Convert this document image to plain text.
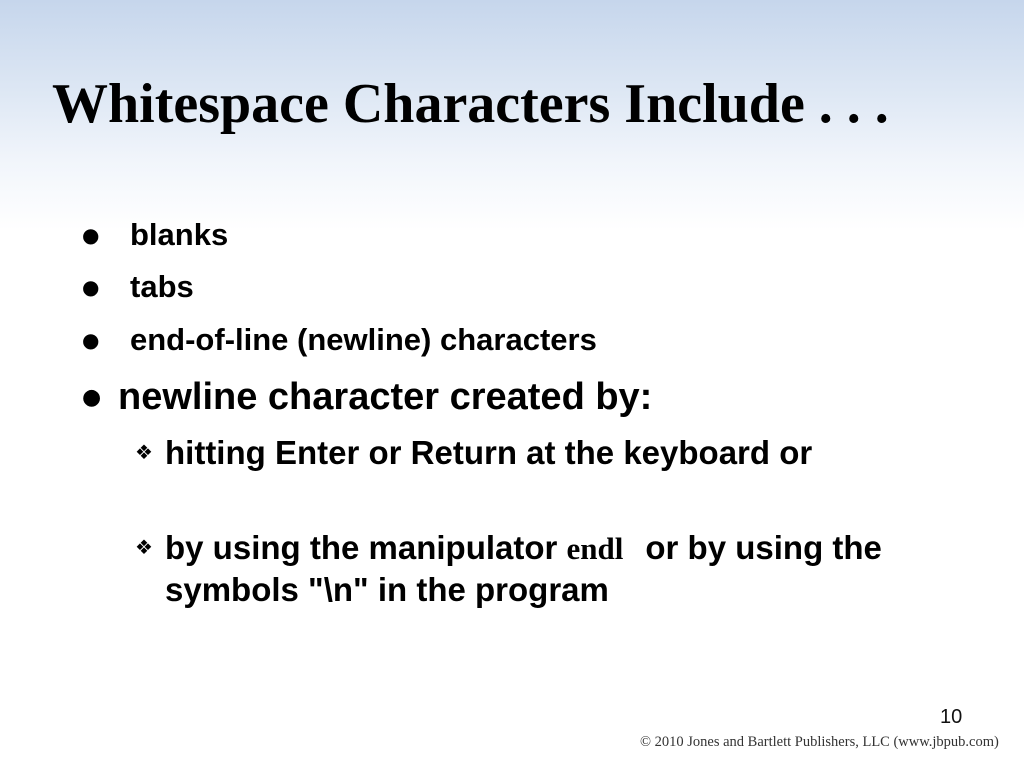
Whitespace Characters Include . . .
● blanks
● tabs
● end-of-line (newline) characters
● newline character created by:
❖ hitting Enter or Return at the keyboard or
❖ by using the manipulator endl or by using the symbols "\n" in the program
10
© 2010 Jones and Bartlett Publishers, LLC (www.jbpub.com)
